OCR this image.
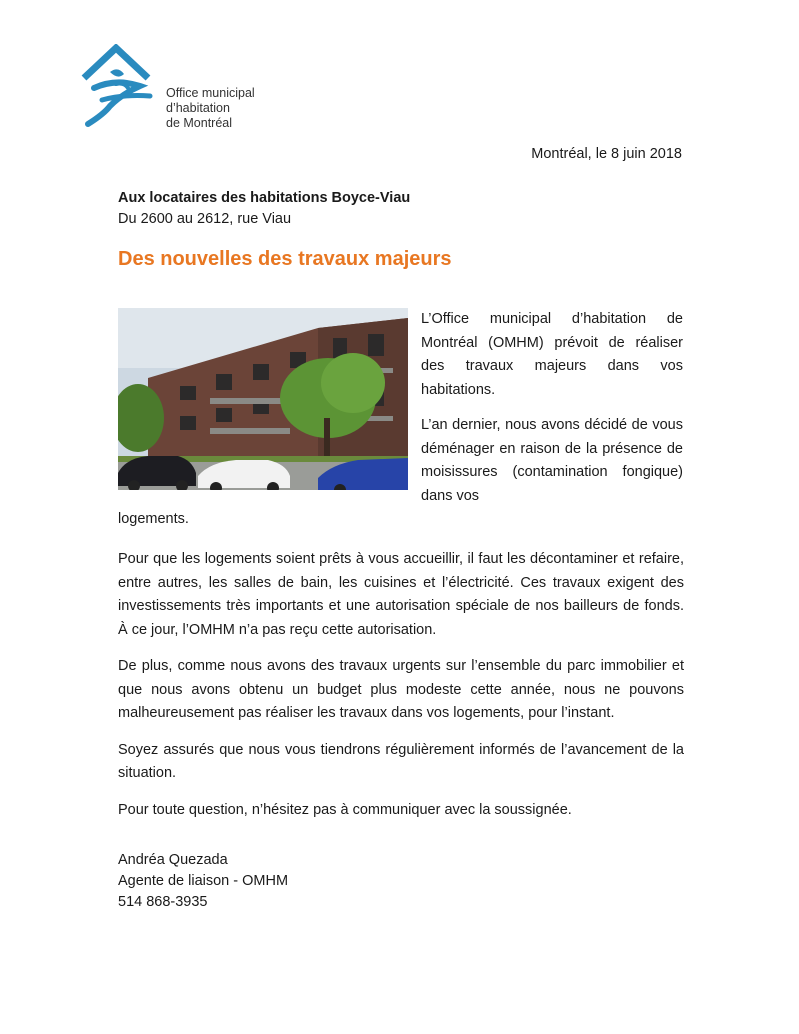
Office municipal
d’habitation
de Montréal
Montréal, le 8 juin 2018
Aux locataires des habitations Boyce-Viau
Du 2600 au 2612, rue Viau
Des nouvelles des travaux majeurs

L’Office municipal d’habitation de Montréal (OMHM) prévoit de réaliser des travaux majeurs dans vos habitations.

L’an dernier, nous avons décidé de vous déménager en raison de la présence de moisissures (contamination fongique) dans vos

logements.

Pour que les logements soient prêts à vous accueillir, il faut les décontaminer et refaire, entre autres, les salles de bain, les cuisines et l’électricité. Ces travaux exigent des investissements très importants et une autorisation spéciale de nos bailleurs de fonds. À ce jour, l’OMHM n’a pas reçu cette autorisation.

De plus, comme nous avons des travaux urgents sur l’ensemble du parc immobilier et que nous avons obtenu un budget plus modeste cette année, nous ne pouvons malheureusement pas réaliser les travaux dans vos logements, pour l’instant.

Soyez assurés que nous vous tiendrons régulièrement informés de l’avancement de la situation.

Pour toute question, n’hésitez pas à communiquer avec la soussignée.

Andréa Quezada
Agente de liaison - OMHM
514 868-3935
